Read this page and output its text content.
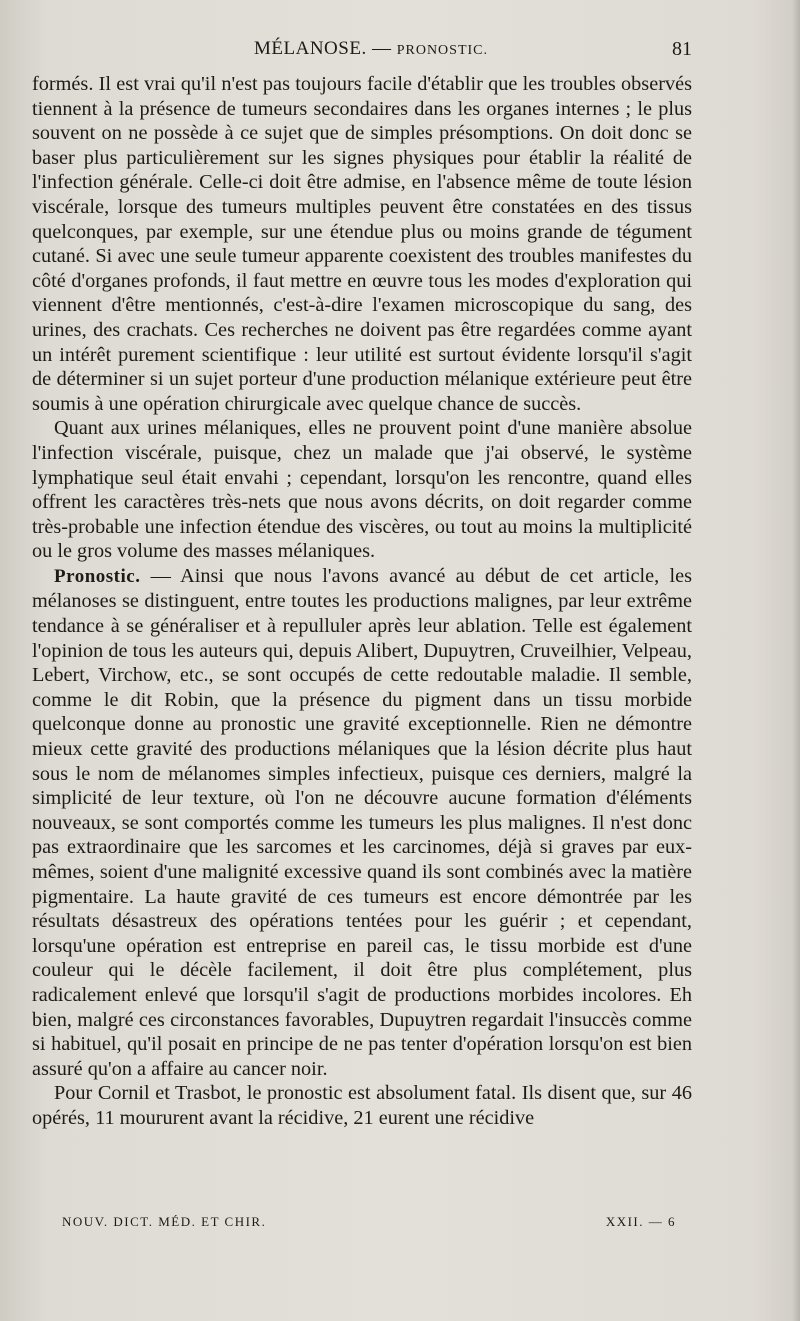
MÉLANOSE. — PRONOSTIC.	81

formés. Il est vrai qu'il n'est pas toujours facile d'établir que les troubles observés tiennent à la présence de tumeurs secondaires dans les organes internes ; le plus souvent on ne possède à ce sujet que de simples présomptions. On doit donc se baser plus particulièrement sur les signes physiques pour établir la réalité de l'infection générale. Celle-ci doit être admise, en l'absence même de toute lésion viscérale, lorsque des tumeurs multiples peuvent être constatées en des tissus quelconques, par exemple, sur une étendue plus ou moins grande de tégument cutané. Si avec une seule tumeur apparente coexistent des troubles manifestes du côté d'organes profonds, il faut mettre en œuvre tous les modes d'exploration qui viennent d'être mentionnés, c'est-à-dire l'examen microscopique du sang, des urines, des crachats. Ces recherches ne doivent pas être regardées comme ayant un intérêt purement scientifique : leur utilité est surtout évidente lorsqu'il s'agit de déterminer si un sujet porteur d'une production mélanique extérieure peut être soumis à une opération chirurgicale avec quelque chance de succès.

Quant aux urines mélaniques, elles ne prouvent point d'une manière absolue l'infection viscérale, puisque, chez un malade que j'ai observé, le système lymphatique seul était envahi ; cependant, lorsqu'on les rencontre, quand elles offrent les caractères très-nets que nous avons décrits, on doit regarder comme très-probable une infection étendue des viscères, ou tout au moins la multiplicité ou le gros volume des masses mélaniques.

Pronostic. — Ainsi que nous l'avons avancé au début de cet article, les mélanoses se distinguent, entre toutes les productions malignes, par leur extrême tendance à se généraliser et à repulluler après leur ablation. Telle est également l'opinion de tous les auteurs qui, depuis Alibert, Dupuytren, Cruveilhier, Velpeau, Lebert, Virchow, etc., se sont occupés de cette redoutable maladie. Il semble, comme le dit Robin, que la présence du pigment dans un tissu morbide quelconque donne au pronostic une gravité exceptionnelle. Rien ne démontre mieux cette gravité des productions mélaniques que la lésion décrite plus haut sous le nom de mélanomes simples infectieux, puisque ces derniers, malgré la simplicité de leur texture, où l'on ne découvre aucune formation d'éléments nouveaux, se sont comportés comme les tumeurs les plus malignes. Il n'est donc pas extraordinaire que les sarcomes et les carcinomes, déjà si graves par eux-mêmes, soient d'une malignité excessive quand ils sont combinés avec la matière pigmentaire. La haute gravité de ces tumeurs est encore démontrée par les résultats désastreux des opérations tentées pour les guérir ; et cependant, lorsqu'une opération est entreprise en pareil cas, le tissu morbide est d'une couleur qui le décèle facilement, il doit être plus complétement, plus radicalement enlevé que lorsqu'il s'agit de productions morbides incolores. Eh bien, malgré ces circonstances favorables, Dupuytren regardait l'insuccès comme si habituel, qu'il posait en principe de ne pas tenter d'opération lorsqu'on est bien assuré qu'on a affaire au cancer noir.

Pour Cornil et Trasbot, le pronostic est absolument fatal. Ils disent que, sur 46 opérés, 11 moururent avant la récidive, 21 eurent une récidive

NOUV. DICT. MÉD. ET CHIR.	XXII. — 6
